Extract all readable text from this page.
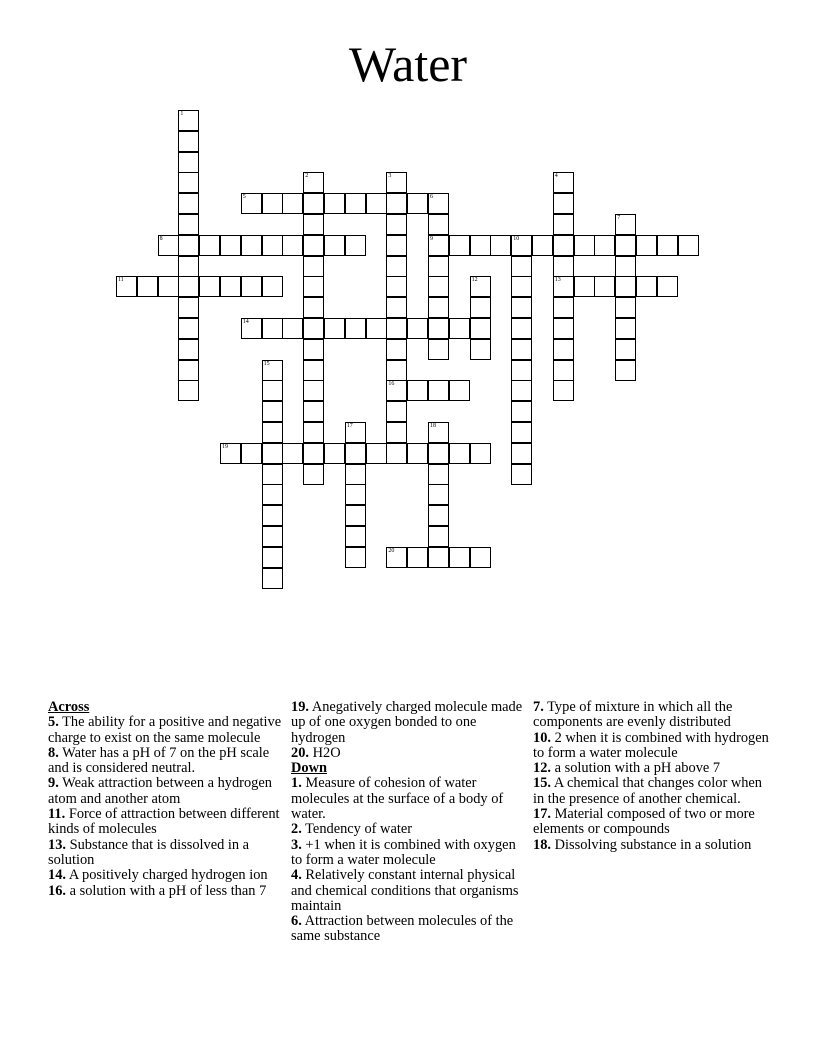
Water
1
2	3
16
4
13
5	6
9
7
8	10
11	12
14
15
17	18
19
20
Across
5. The ability for a positive and negative charge to exist on the same molecule
8. Water has a pH of 7 on the pH scale and is considered neutral.
9. Weak attraction between a hydrogen atom and another atom
11. Force of attraction between different kinds of molecules
13. Substance that is dissolved in a solution
14. A positively charged hydrogen ion
16. a solution with a pH of less than 7
19. Anegatively charged molecule made up of one oxygen bonded to one hydrogen
20. H2O
Down
1. Measure of cohesion of water molecules at the surface of a body of water.
2. Tendency of water
3. +1 when it is combined with oxygen to form a water molecule
4. Relatively constant internal physical and chemical conditions that organisms maintain
6. Attraction between molecules of the same substance
7. Type of mixture in which all the components are evenly distributed
10. 2 when it is combined with hydrogen to form a water molecule
12. a solution with a pH above 7
15. A chemical that changes color when in the presence of another chemical.
17. Material composed of two or more elements or compounds
18. Dissolving substance in a solution
